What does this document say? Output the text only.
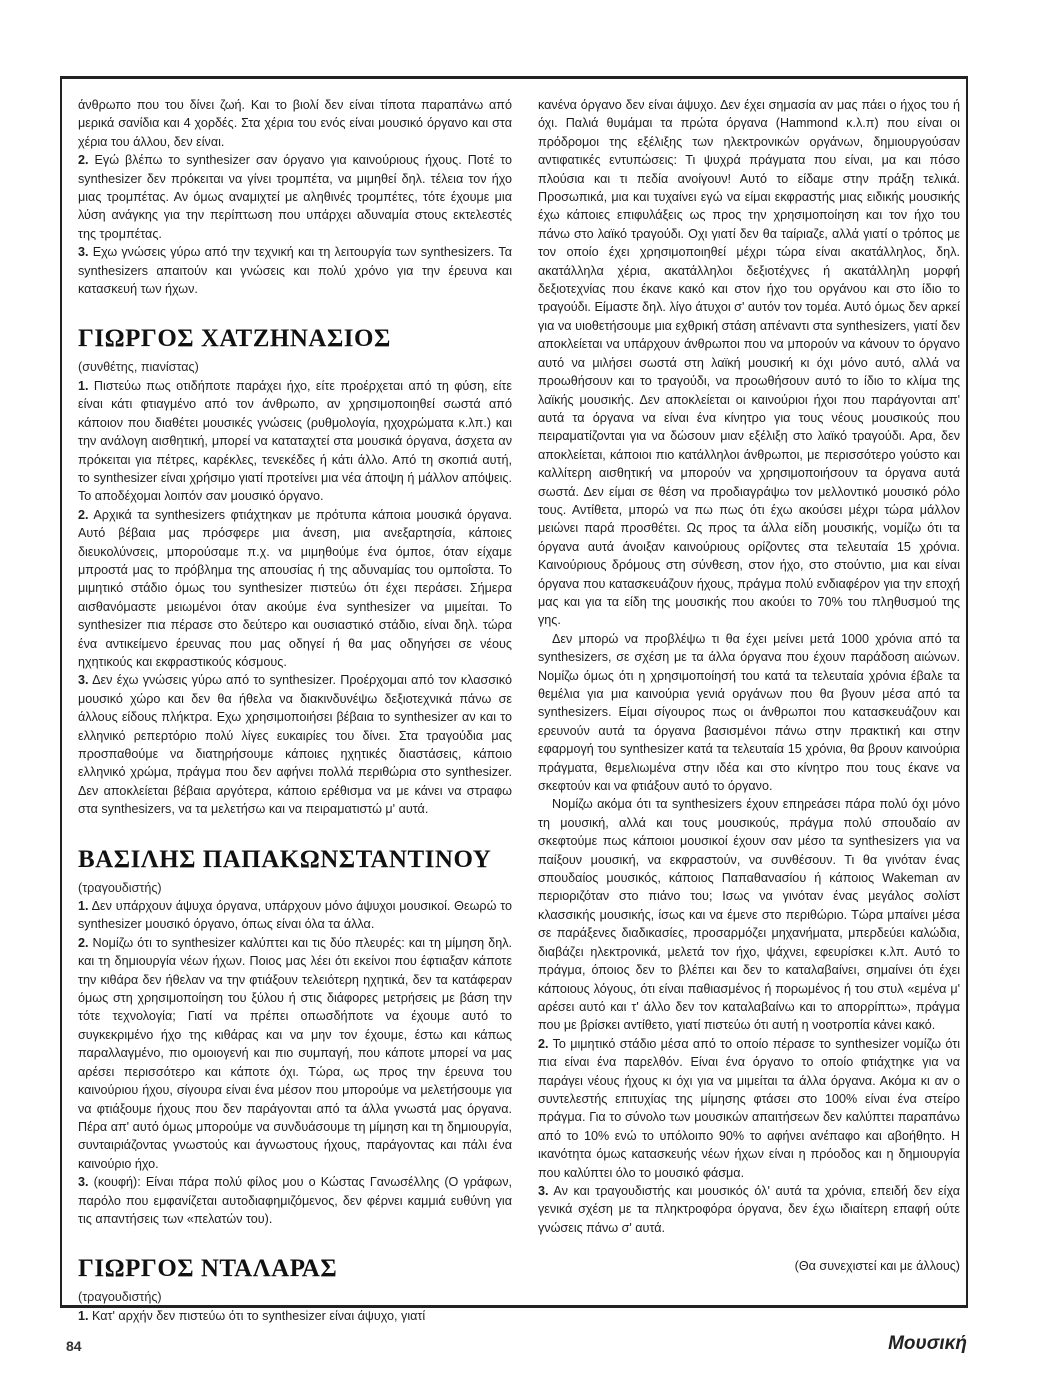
άνθρωπο που του δίνει ζωή. Και το βιολί δεν είναι τίποτα παραπάνω από μερικά σανίδια και 4 χορδές. Στα χέρια του ενός είναι μουσικό όργανο και στα χέρια του άλλου, δεν είναι.

2. Εγώ βλέπω το synthesizer σαν όργανο για καινούριους ήχους. Ποτέ το synthesizer δεν πρόκειται να γίνει τρομπέτα, να μιμηθεί δηλ. τέλεια τον ήχο μιας τρομπέτας. Αν όμως αναμιχτεί με αληθινές τρομπέτες, τότε έχουμε μια λύση ανάγκης για την περίπτωση που υπάρχει αδυναμία στους εκτελεστές της τρομπέτας.

3. Εχω γνώσεις γύρω από την τεχνική και τη λειτουργία των synthesizers. Τα synthesizers απαιτούν και γνώσεις και πολύ χρόνο για την έρευνα και κατασκευή των ήχων.

ΓΙΩΡΓΟΣ ΧΑΤΖΗΝΑΣΙΟΣ

(συνθέτης, πιανίστας)

1. Πιστεύω πως οτιδήποτε παράχει ήχο, είτε προέρχεται από τη φύση, είτε είναι κάτι φτιαγμένο από τον άνθρωπο, αν χρησιμοποιηθεί σωστά από κάποιον που διαθέτει μουσικές γνώσεις (ρυθμολογία, ηχοχρώματα κ.λπ.) και την ανάλογη αισθητική, μπορεί να καταταχτεί στα μουσικά όργανα, άσχετα αν πρόκειται για πέτρες, καρέκλες, τενεκέδες ή κάτι άλλο. Από τη σκοπιά αυτή, το synthesizer είναι χρήσιμο γιατί προτείνει μια νέα άποψη ή μάλλον απόψεις. Το αποδέχομαι λοιπόν σαν μουσικό όργανο.

2. Αρχικά τα synthesizers φτιάχτηκαν με πρότυπα κάποια μουσικά όργανα. Αυτό βέβαια μας πρόσφερε μια άνεση, μια ανεξαρτησία, κάποιες διευκολύνσεις, μπορούσαμε π.χ. να μιμηθούμε ένα όμποε, όταν είχαμε μπροστά μας το πρόβλημα της απουσίας ή της αδυναμίας του ομποΐστα. Το μιμητικό στάδιο όμως του synthesizer πιστεύω ότι έχει περάσει. Σήμερα αισθανόμαστε μειωμένοι όταν ακούμε ένα synthesizer να μιμείται. Το synthesizer πια πέρασε στο δεύτερο και ουσιαστικό στάδιο, είναι δηλ. τώρα ένα αντικείμενο έρευνας που μας οδηγεί ή θα μας οδηγήσει σε νέους ηχητικούς και εκφραστικούς κόσμους.

3. Δεν έχω γνώσεις γύρω από το synthesizer. Προέρχομαι από τον κλασσικό μουσικό χώρο και δεν θα ήθελα να διακινδυνέψω δεξιοτεχνικά πάνω σε άλλους είδους πλήκτρα. Εχω χρησιμοποιήσει βέβαια το synthesizer αν και το ελληνικό ρεπερτόριο πολύ λίγες ευκαιρίες του δίνει. Στα τραγούδια μας προσπαθούμε να διατηρήσουμε κάποιες ηχητικές διαστάσεις, κάποιο ελληνικό χρώμα, πράγμα που δεν αφήνει πολλά περιθώρια στο synthesizer. Δεν αποκλείεται βέβαια αργότερα, κάποιο ερέθισμα να με κάνει να στραφω στα synthesizers, να τα μελετήσω και να πειραματιστώ μ' αυτά.

ΒΑΣΙΛΗΣ ΠΑΠΑΚΩΝΣΤΑΝΤΙΝΟΥ

(τραγουδιστής)

1. Δεν υπάρχουν άψυχα όργανα, υπάρχουν μόνο άψυχοι μουσικοί. Θεωρώ το synthesizer μουσικό όργανο, όπως είναι όλα τα άλλα.

2. Νομίζω ότι το synthesizer καλύπτει και τις δύο πλευρές: και τη μίμηση δηλ. και τη δημιουργία νέων ήχων. Ποιος μας λέει ότι εκείνοι που έφτιαξαν κάποτε την κιθάρα δεν ήθελαν να την φτιάξουν τελειότερη ηχητικά, δεν τα κατάφεραν όμως στη χρησιμοποίηση του ξύλου ή στις διάφορες μετρήσεις με βάση την τότε τεχνολογία; Γιατί να πρέπει οπωσδήποτε να έχουμε αυτό το συγκεκριμένο ήχο της κιθάρας και να μην τον έχουμε, έστω και κάπως παραλλαγμένο, πιο ομοιογενή και πιο συμπαγή, που κάποτε μπορεί να μας αρέσει περισσότερο και κάποτε όχι. Τώρα, ως προς την έρευνα του καινούριου ήχου, σίγουρα είναι ένα μέσον που μπορούμε να μελετήσουμε για να φτιάξουμε ήχους που δεν παράγονται από τα άλλα γνωστά μας όργανα. Πέρα απ' αυτό όμως μπορούμε να συνδυάσουμε τη μίμηση και τη δημιουργία, συνταιριάζοντας γνωστούς και άγνωστους ήχους, παράγοντας και πάλι ένα καινούριο ήχο.

3. (κουφή): Είναι πάρα πολύ φίλος μου ο Κώστας Γανωσέλλης (Ο γράφων, παρόλο που εμφανίζεται αυτοδιαφημιζόμενος, δεν φέρνει καμμιά ευθύνη για τις απαντήσεις των «πελατών του).

ΓΙΩΡΓΟΣ ΝΤΑΛΑΡΑΣ

(τραγουδιστής)

1. Κατ' αρχήν δεν πιστεύω ότι το synthesizer είναι άψυχο, γιατί

κανένα όργανο δεν είναι άψυχο. Δεν έχει σημασία αν μας πάει ο ήχος του ή όχι. Παλιά θυμάμαι τα πρώτα όργανα (Hammond κ.λ.π) που είναι οι πρόδρομοι της εξέλιξης των ηλεκτρονικών οργάνων, δημιουργούσαν αντιφατικές εντυπώσεις: Τι ψυχρά πράγματα που είναι, μα και πόσο πλούσια και τι πεδία ανοίγουν! Αυτό το είδαμε στην πράξη τελικά. Προσωπικά, μια και τυχαίνει εγώ να είμαι εκφραστής μιας ειδικής μουσικής έχω κάποιες επιφυλάξεις ως προς την χρησιμοποίηση και τον ήχο του πάνω στο λαϊκό τραγούδι. Οχι γιατί δεν θα ταίριαζε, αλλά γιατί ο τρόπος με τον οποίο έχει χρησιμοποιηθεί μέχρι τώρα είναι ακατάλληλος, δηλ. ακατάλληλα χέρια, ακατάλληλοι δεξιοτέχνες ή ακατάλληλη μορφή δεξιοτεχνίας που έκανε κακό και στον ήχο του οργάνου και στο ίδιο το τραγούδι. Είμαστε δηλ. λίγο άτυχοι σ' αυτόν τον τομέα. Αυτό όμως δεν αρκεί για να υιοθετήσουμε μια εχθρική στάση απέναντι στα synthesizers, γιατί δεν αποκλείεται να υπάρχουν άνθρωποι που να μπορούν να κάνουν το όργανο αυτό να μιλήσει σωστά στη λαϊκή μουσική κι όχι μόνο αυτό, αλλά να προωθήσουν και το τραγούδι, να προωθήσουν αυτό το ίδιο το κλίμα της λαϊκής μουσικής. Δεν αποκλείεται οι καινούριοι ήχοι που παράγονται απ' αυτά τα όργανα να είναι ένα κίνητρο για τους νέους μουσικούς που πειραματίζονται για να δώσουν μιαν εξέλιξη στο λαϊκό τραγούδι. Αρα, δεν αποκλείεται, κάποιοι πιο κατάλληλοι άνθρωποι, με περισσότερο γούστο και καλλίτερη αισθητική να μπορούν να χρησιμοποιήσουν τα όργανα αυτά σωστά. Δεν είμαι σε θέση να προδιαγράψω τον μελλοντικό μουσικό ρόλο τους. Αντίθετα, μπορώ να πω πως ότι έχω ακούσει μέχρι τώρα μάλλον μειώνει παρά προσθέτει. Ως προς τα άλλα είδη μουσικής, νομίζω ότι τα όργανα αυτά άνοιξαν καινούριους ορίζοντες στα τελευταία 15 χρόνια. Καινούριους δρόμους στη σύνθεση, στον ήχο, στο στούντιο, μια και είναι όργανα που κατασκευάζουν ήχους, πράγμα πολύ ενδιαφέρον για την εποχή μας και για τα είδη της μουσικής που ακούει το 70% του πληθυσμού της γης.

Δεν μπορώ να προβλέψω τι θα έχει μείνει μετά 1000 χρόνια από τα synthesizers, σε σχέση με τα άλλα όργανα που έχουν παράδοση αιώνων. Νομίζω όμως ότι η χρησιμοποίησή του κατά τα τελευταία χρόνια έβαλε τα θεμέλια για μια καινούρια γενιά οργάνων που θα βγουν μέσα από τα synthesizers. Είμαι σίγουρος πως οι άνθρωποι που κατασκευάζουν και ερευνούν αυτά τα όργανα βασισμένοι πάνω στην πρακτική και στην εφαρμογή του synthesizer κατά τα τελευταία 15 χρόνια, θα βρουν καινούρια πράγματα, θεμελιωμένα στην ιδέα και στο κίνητρο που τους έκανε να σκεφτούν και να φτιάξουν αυτό το όργανο.

Νομίζω ακόμα ότι τα synthesizers έχουν επηρεάσει πάρα πολύ όχι μόνο τη μουσική, αλλά και τους μουσικούς, πράγμα πολύ σπουδαίο αν σκεφτούμε πως κάποιοι μουσικοί έχουν σαν μέσο τα synthesizers για να παίξουν μουσική, να εκφραστούν, να συνθέσουν. Τι θα γινόταν ένας σπουδαίος μουσικός, κάποιος Παπαθανασίου ή κάποιος Wakeman αν περιοριζόταν στο πιάνο του; Ισως να γινόταν ένας μεγάλος σολίστ κλασσικής μουσικής, ίσως και να έμενε στο περιθώριο. Τώρα μπαίνει μέσα σε παράξενες διαδικασίες, προσαρμόζει μηχανήματα, μπερδεύει καλώδια, διαβάζει ηλεκτρονικά, μελετά τον ήχο, ψάχνει, εφευρίσκει κ.λπ. Αυτό το πράγμα, όποιος δεν το βλέπει και δεν το καταλαβαίνει, σημαίνει ότι έχει κάποιους λόγους, ότι είναι παθιασμένος ή πορωμένος ή του στυλ «εμένα μ' αρέσει αυτό και τ' άλλο δεν τον καταλαβαίνω και το απορρίπτω», πράγμα που με βρίσκει αντίθετο, γιατί πιστεύω ότι αυτή η νοοτροπία κάνει κακό.

2. Το μιμητικό στάδιο μέσα από το οποίο πέρασε το synthesizer νομίζω ότι πια είναι ένα παρελθόν. Είναι ένα όργανο το οποίο φτιάχτηκε για να παράγει νέους ήχους κι όχι για να μιμείται τα άλλα όργανα. Ακόμα κι αν ο συντελεστής επιτυχίας της μίμησης φτάσει στο 100% είναι ένα στείρο πράγμα. Για το σύνολο των μουσικών απαιτήσεων δεν καλύπτει παραπάνω από το 10% ενώ το υπόλοιπο 90% το αφήνει ανέπαφο και αβοήθητο. Η ικανότητα όμως κατασκευής νέων ήχων είναι η πρόοδος και η δημιουργία που καλύπτει όλο το μουσικό φάσμα.

3. Αν και τραγουδιστής και μουσικός όλ' αυτά τα χρόνια, επειδή δεν είχα γενικά σχέση με τα πληκτροφόρα όργανα, δεν έχω ιδιαίτερη επαφή ούτε γνώσεις πάνω σ' αυτά.

(Θα συνεχιστεί και με άλλους)

84	Μουσική
